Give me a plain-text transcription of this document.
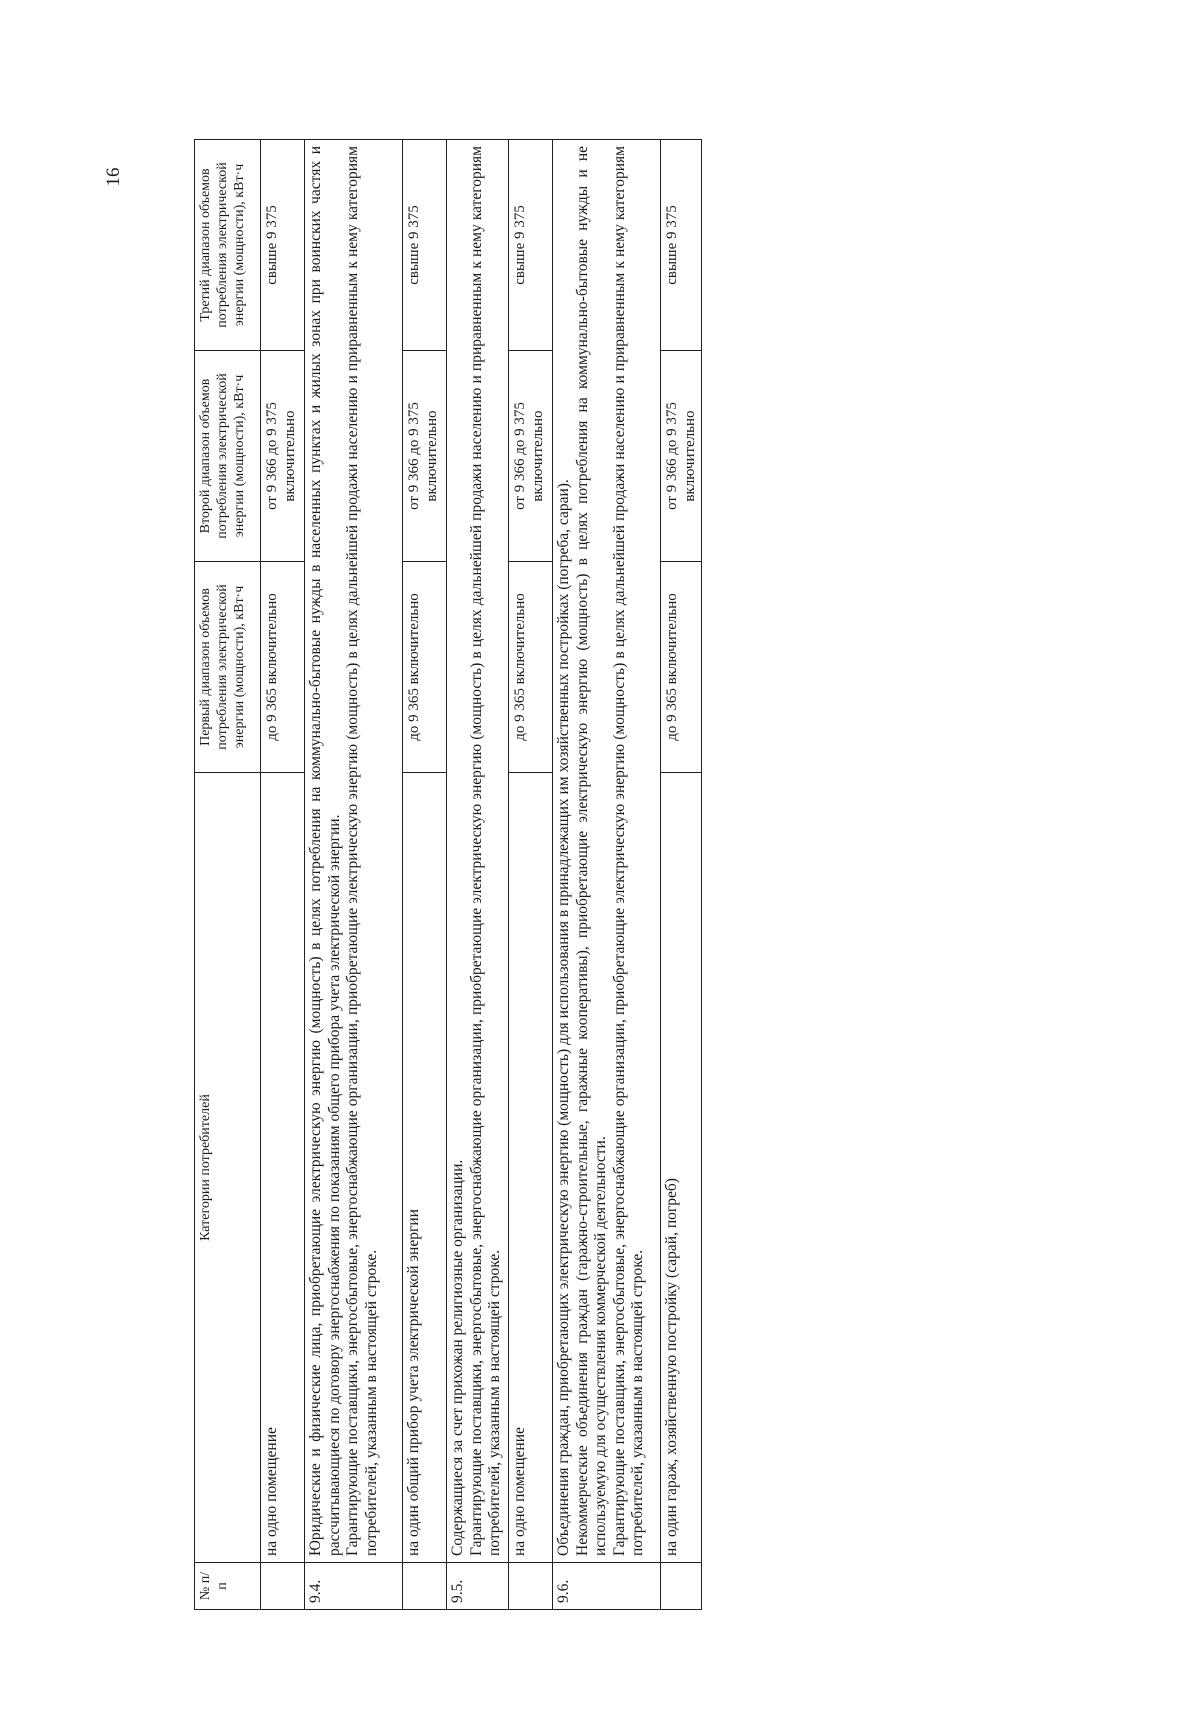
16
№ п/п	Категории потребителей	Первый диапазон объемов потребления электрической энергии (мощности), кВт·ч	Второй диапазон объемов потребления электрической энергии (мощности), кВт·ч	Третий диапазон объемов потребления электрической энергии (мощности), кВт·ч
	на одно помещение	до 9 365 включительно	от 9 366 до 9 375 включительно	свыше 9 375
9.4.	Юридические и физические лица, приобретающие электрическую энергию (мощность) в целях потребления на коммунально-бытовые нужды в населенных пунктах и жилых зонах при воинских частях и рассчитывающиеся по договору энергоснабжения по показаниям общего прибора учета электрической энергии. Гарантирующие поставщики, энергосбытовые, энергоснабжающие организации, приобретающие электрическую энергию (мощность) в целях дальнейшей продажи населению и приравненным к нему категориям потребителей, указанным в настоящей строке.			

	на один общий прибор учета электрической энергии	до 9 365 включительно	от 9 366 до 9 375 включительно	свыше 9 375
9.5.	Содержащиеся за счет прихожан религиозные организации. Гарантирующие поставщики, энергосбытовые, энергоснабжающие организации, приобретающие электрическую энергию (мощность) в целях дальнейшей продажи населению и приравненным к нему категориям потребителей, указанным в настоящей строке.			

	на одно помещение	до 9 365 включительно	от 9 366 до 9 375 включительно	свыше 9 375
9.6.	Объединения граждан, приобретающих электрическую энергию (мощность) для использования в принадлежащих им хозяйственных постройках (погреба, сараи). Некоммерческие объединения граждан (гаражно-строительные, гаражные кооперативы), приобретающие электрическую энергию (мощность) в целях потребления на коммунально-бытовые нужды и не используемую для осуществления коммерческой деятельности. Гарантирующие поставщики, энергосбытовые, энергоснабжающие организации, приобретающие электрическую энергию (мощность) в целях дальнейшей продажи населению и приравненным к нему категориям потребителей, указанным в настоящей строке.			

	на один гараж, хозяйственную постройку (сарай, погреб)	до 9 365 включительно	от 9 366 до 9 375 включительно	свыше 9 375
